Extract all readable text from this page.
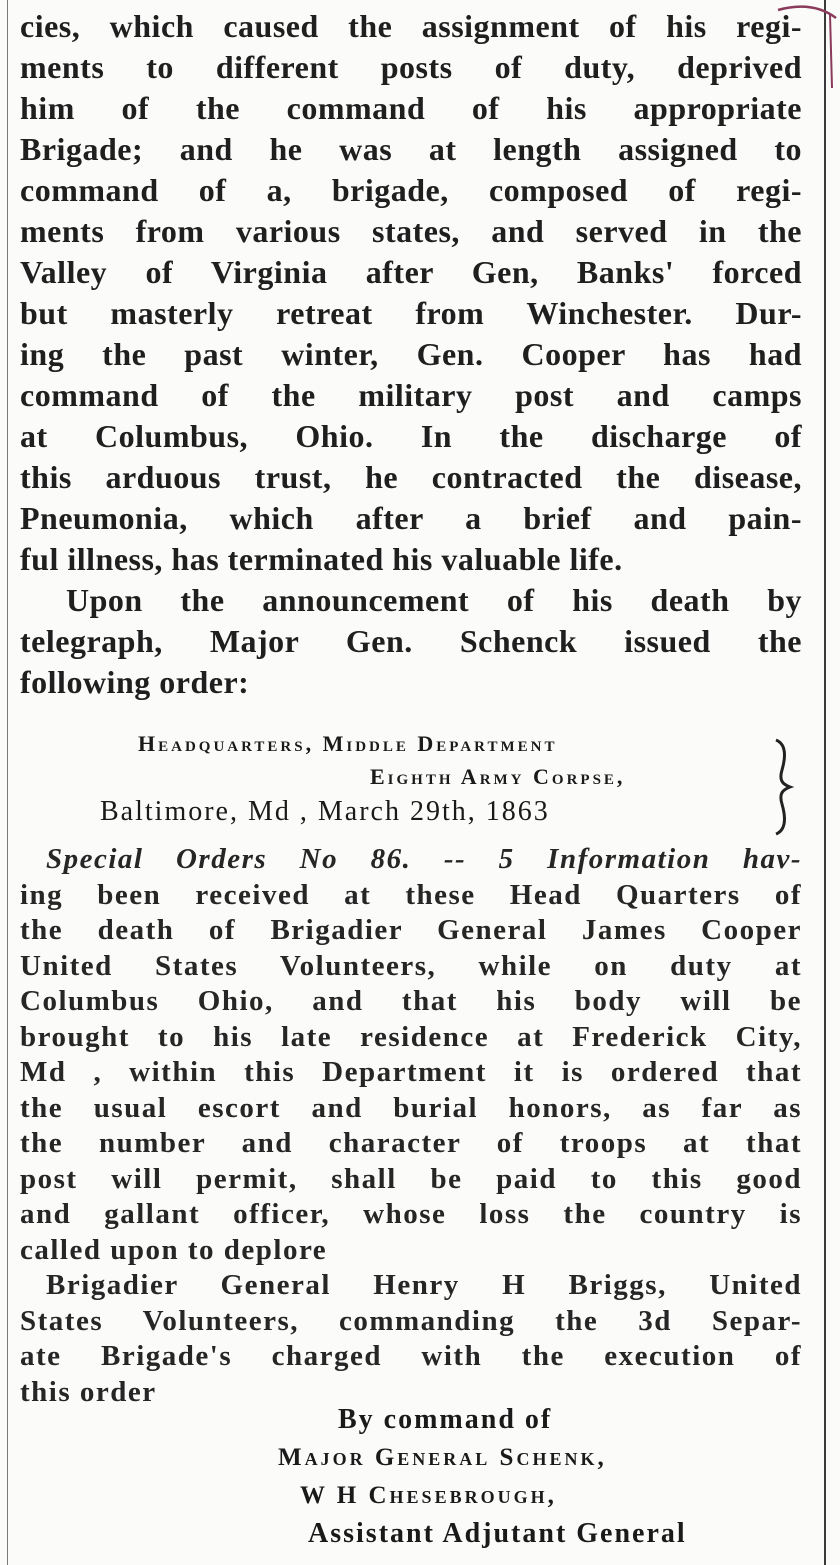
cies, which caused the assignment of his regi-
ments to different posts of duty, deprived
him of the command of his appropriate
Brigade; and he was at length assigned to
command of a, brigade, composed of regi-
ments from various states, and served in the
Valley of Virginia after Gen, Banks' forced
but masterly retreat from Winchester. Dur-
ing the past winter, Gen. Cooper has had
command of the military post and camps
at Columbus, Ohio. In the discharge of
this arduous trust, he contracted the disease,
Pneumonia, which after a brief and pain-
ful illness, has terminated his valuable life.
Upon the announcement of his death by
telegraph, Major Gen. Schenck issued the
following order:
Headquarters, Middle Department
Eighth Army Corpse,
Baltimore, Md , March 29th, 1863
Special Orders No 86. -- 5 Information hav-
ing been received at these Head Quarters of
the death of Brigadier General James Cooper
United States Volunteers, while on duty at
Columbus Ohio, and that his body will be
brought to his late residence at Frederick City,
Md , within this Department it is ordered that
the usual escort and burial honors, as far as
the number and character of troops at that
post will permit, shall be paid to this good
and gallant officer, whose loss the country is
called upon to deplore
Brigadier General Henry H Briggs, United
States Volunteers, commanding the 3d Separ-
ate Brigade's charged with the execution of
this order
By command of
Major General Schenk,
W H Chesebrough,
Assistant Adjutant General
